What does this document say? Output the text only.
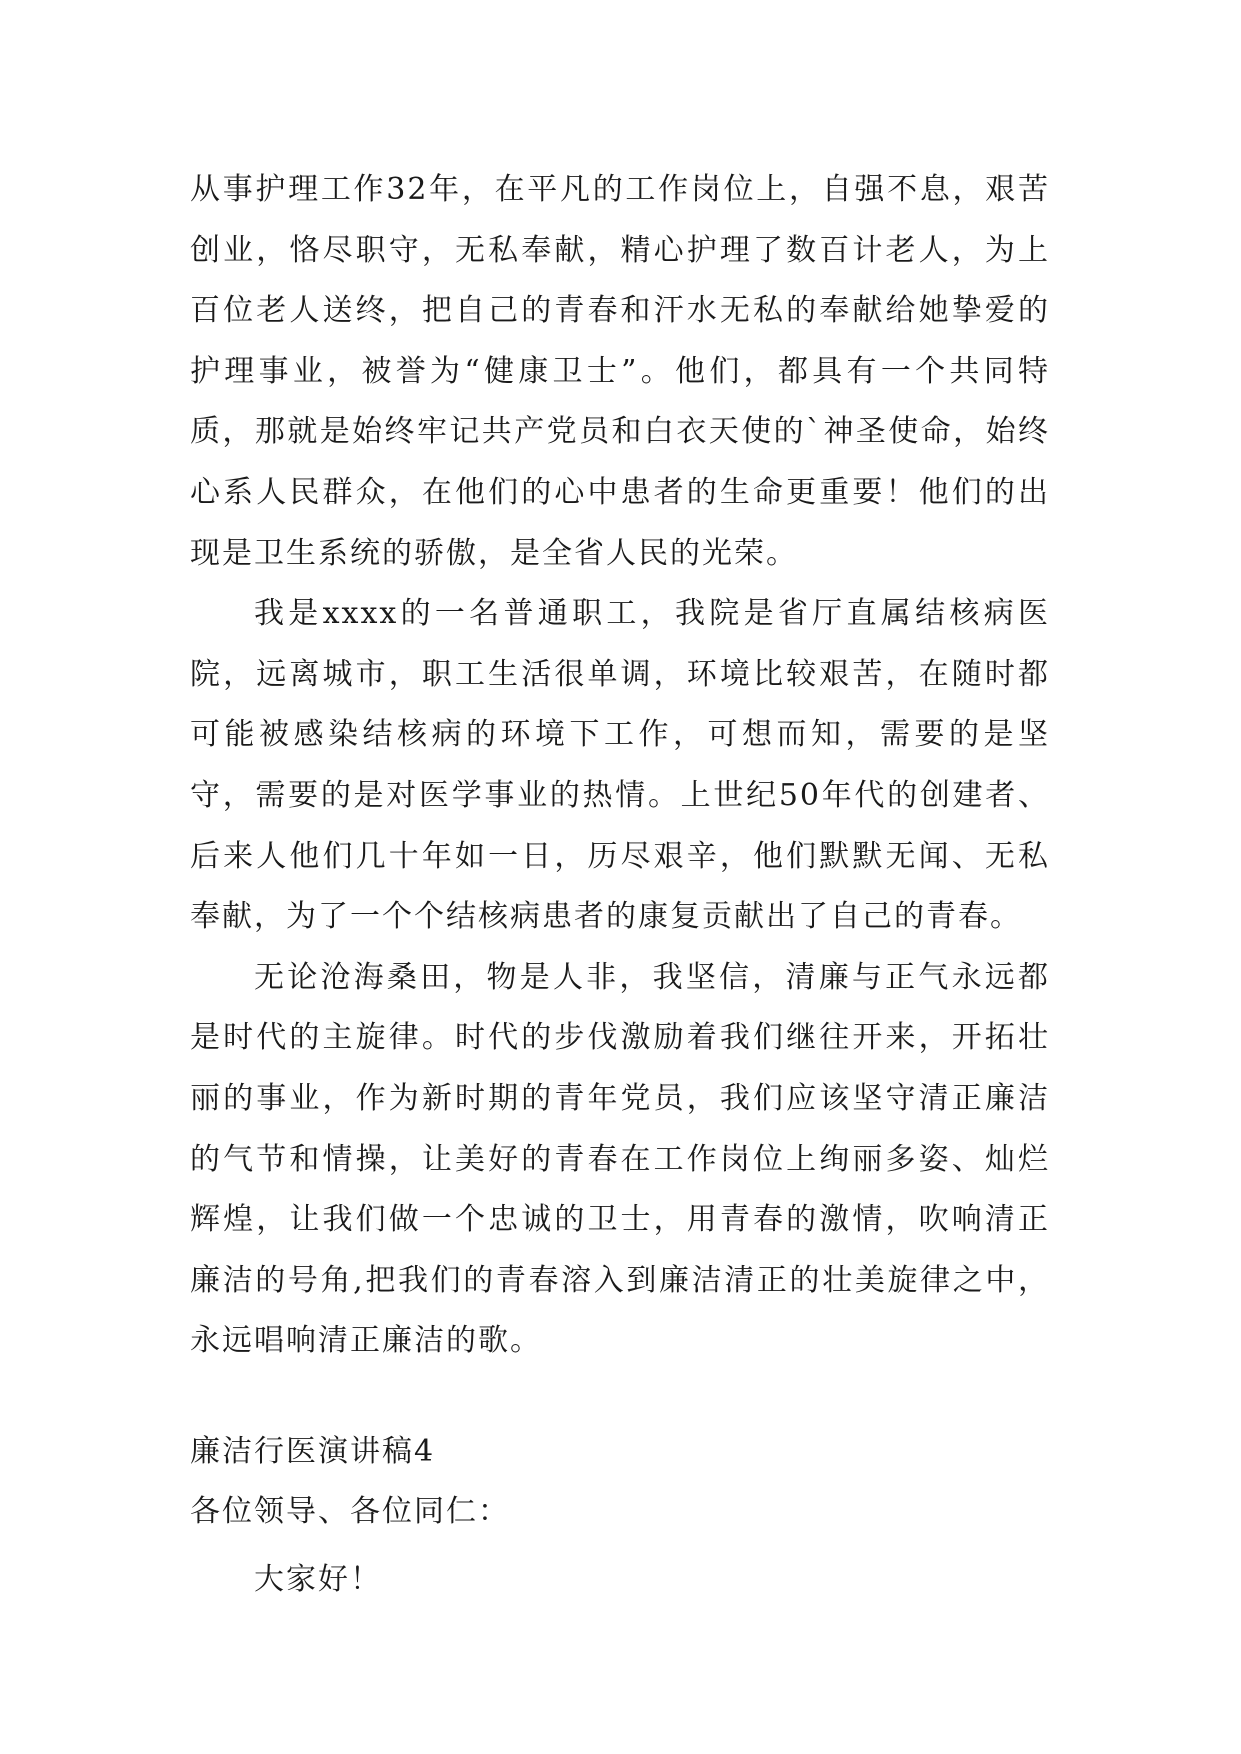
从事护理工作32年，在平凡的工作岗位上，自强不息，艰苦创业，恪尽职守，无私奉献，精心护理了数百计老人，为上百位老人送终，把自己的青春和汗水无私的奉献给她挚爱的护理事业，被誉为“健康卫士”。他们，都具有一个共同特质，那就是始终牢记共产党员和白衣天使的`神圣使命，始终心系人民群众，在他们的心中患者的生命更重要！他们的出现是卫生系统的骄傲，是全省人民的光荣。

我是xxxx的一名普通职工，我院是省厅直属结核病医院，远离城市，职工生活很单调，环境比较艰苦，在随时都可能被感染结核病的环境下工作，可想而知，需要的是坚守，需要的是对医学事业的热情。上世纪50年代的创建者、后来人他们几十年如一日，历尽艰辛，他们默默无闻、无私奉献，为了一个个结核病患者的康复贡献出了自己的青春。

无论沧海桑田，物是人非，我坚信，清廉与正气永远都是时代的主旋律。时代的步伐激励着我们继往开来，开拓壮丽的事业，作为新时期的青年党员，我们应该坚守清正廉洁的气节和情操，让美好的青春在工作岗位上绚丽多姿、灿烂辉煌，让我们做一个忠诚的卫士，用青春的激情，吹响清正廉洁的号角,把我们的青春溶入到廉洁清正的壮美旋律之中，永远唱响清正廉洁的歌。

廉洁行医演讲稿4

各位领导、各位同仁：

大家好！
